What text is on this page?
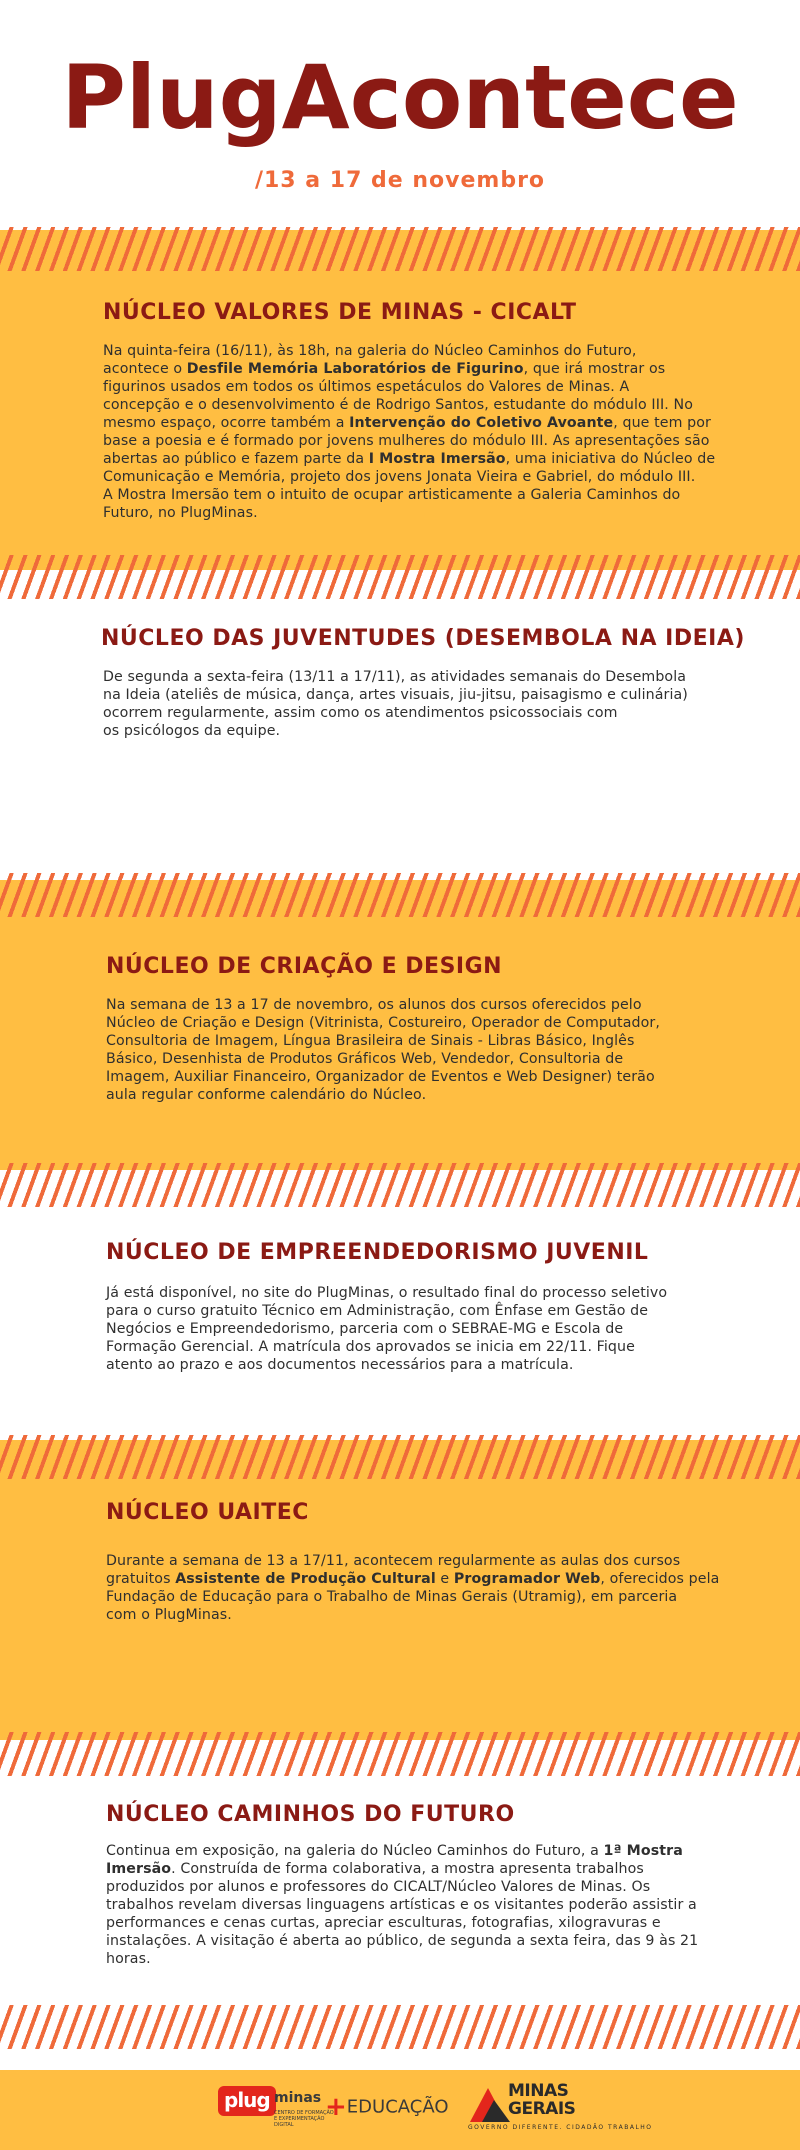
PlugAcontece
/13 a 17 de novembro
NÚCLEO VALORES DE MINAS - CICALT
Na quinta-feira (16/11), às 18h, na galeria do Núcleo Caminhos do Futuro,
acontece o Desfile Memória Laboratórios de Figurino, que irá mostrar os
figurinos usados em todos os últimos espetáculos do Valores de Minas. A
concepção e o desenvolvimento é de Rodrigo Santos, estudante do módulo III. No
mesmo espaço, ocorre também a Intervenção do Coletivo Avoante, que tem por
base a poesia e é formado por jovens mulheres do módulo III. As apresentações são
abertas ao público e fazem parte da I Mostra Imersão, uma iniciativa do Núcleo de
Comunicação e Memória, projeto dos jovens Jonata Vieira e Gabriel, do módulo III.
A Mostra Imersão tem o intuito de ocupar artisticamente a Galeria Caminhos do
Futuro, no PlugMinas.
NÚCLEO DAS JUVENTUDES (DESEMBOLA NA IDEIA)
De segunda a sexta-feira (13/11 a 17/11), as atividades semanais do Desembola
na Ideia (ateliês de música, dança, artes visuais, jiu-jitsu, paisagismo e culinária)
ocorrem regularmente, assim como os atendimentos psicossociais com
os psicólogos da equipe.
NÚCLEO DE CRIAÇÃO E DESIGN
Na semana de 13 a 17 de novembro, os alunos dos cursos oferecidos pelo
Núcleo de Criação e Design (Vitrinista, Costureiro, Operador de Computador,
Consultoria de Imagem, Língua Brasileira de Sinais - Libras Básico, Inglês
Básico, Desenhista de Produtos Gráficos Web, Vendedor, Consultoria de
Imagem, Auxiliar Financeiro, Organizador de Eventos e Web Designer) terão
aula regular conforme calendário do Núcleo.
NÚCLEO DE EMPREENDEDORISMO JUVENIL
Já está disponível, no site do PlugMinas, o resultado final do processo seletivo
para o curso gratuito Técnico em Administração, com Ênfase em Gestão de
Negócios e Empreendedorismo, parceria com o SEBRAE-MG e Escola de
Formação Gerencial. A matrícula dos aprovados se inicia em 22/11. Fique
atento ao prazo e aos documentos necessários para a matrícula.
NÚCLEO UAITEC
Durante a semana de 13 a 17/11, acontecem regularmente as aulas dos cursos
gratuitos Assistente de Produção Cultural e Programador Web, oferecidos pela
Fundação de Educação para o Trabalho de Minas Gerais (Utramig), em parceria
com o PlugMinas.
NÚCLEO CAMINHOS DO FUTURO
Continua em exposição, na galeria do Núcleo Caminhos do Futuro, a 1ª Mostra
Imersão. Construída de forma colaborativa, a mostra apresenta trabalhos
produzidos por alunos e professores do CICALT/Núcleo Valores de Minas. Os
trabalhos revelam diversas linguagens artísticas e os visitantes poderão assistir a
performances e cenas curtas, apreciar esculturas, fotografias, xilogravuras e
instalações. A visitação é aberta ao público, de segunda a sexta feira, das 9 às 21
horas.
plug minas
CENTRO DE FORMAÇÃO E EXPERIMENTAÇÃO DIGITAL
+EDUCAÇÃO
MINAS
GERAIS
GOVERNO DIFERENTE. CIDADÃO TRABALHO
